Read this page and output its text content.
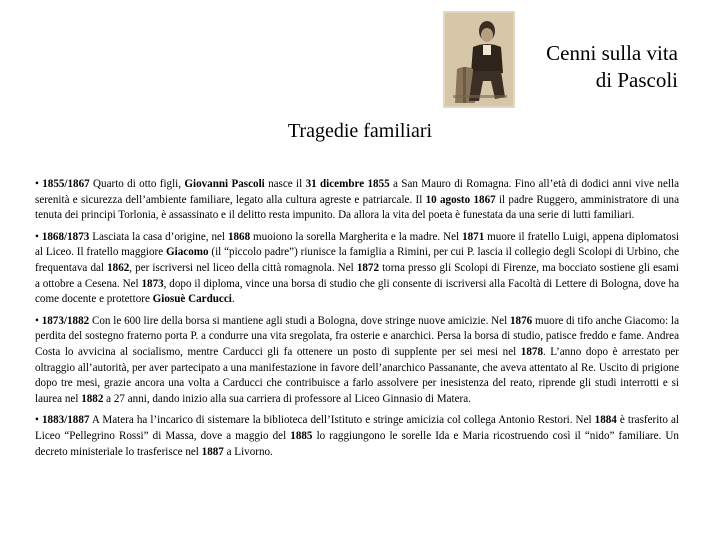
Cenni sulla vita
di Pascoli
Tragedie familiari

• 1855/1867 Quarto di otto figli, Giovanni Pascoli nasce il 31 dicembre 1855 a San Mauro di Romagna. Fino all’età di dodici anni vive nella serenità e sicurezza dell’ambiente familiare, legato alla cultura agreste e patriarcale. Il 10 agosto 1867 il padre Ruggero, amministratore di una tenuta dei principi Torlonia, è assassinato e il delitto resta impunito. Da allora la vita del poeta è funestata da una serie di lutti familiari.

• 1868/1873 Lasciata la casa d’origine, nel 1868 muoiono la sorella Margherita e la madre. Nel 1871 muore il fratello Luigi, appena diplomatosi al Liceo. Il fratello maggiore Giacomo (il “piccolo padre”) riunisce la famiglia a Rimini, per cui P. lascia il collegio degli Scolopi di Urbino, che frequentava dal 1862, per iscriversi nel liceo della città romagnola. Nel 1872 torna presso gli Scolopi di Firenze, ma bocciato sostiene gli esami a ottobre a Cesena. Nel 1873, dopo il diploma, vince una borsa di studio che gli consente di iscriversi alla Facoltà di Lettere di Bologna, dove ha come docente e protettore Giosuè Carducci.

• 1873/1882 Con le 600 lire della borsa si mantiene agli studi a Bologna, dove stringe nuove amicizie. Nel 1876 muore di tifo anche Giacomo: la perdita del sostegno fraterno porta P. a condurre una vita sregolata, fra osterie e anarchici. Persa la borsa di studio, patisce freddo e fame. Andrea Costa lo avvicina al socialismo, mentre Carducci gli fa ottenere un posto di supplente per sei mesi nel 1878. L’anno dopo è arrestato per oltraggio all’autorità, per aver partecipato a una manifestazione in favore dell’anarchico Passanante, che aveva attentato al Re. Uscito di prigione dopo tre mesi, grazie ancora una volta a Carducci che contribuisce a farlo assolvere per inesistenza del reato, riprende gli studi interrotti e si laurea nel 1882 a 27 anni, dando inizio alla sua carriera di professore al Liceo Ginnasio di Matera.

• 1883/1887 A Matera ha l’incarico di sistemare la biblioteca dell’Istituto e stringe amicizia col collega Antonio Restori. Nel 1884 è trasferito al Liceo “Pellegrino Rossi” di Massa, dove a maggio del 1885 lo raggiungono le sorelle Ida e Maria ricostruendo così il “nido” familiare. Un decreto ministeriale lo trasferisce nel 1887 a Livorno.
